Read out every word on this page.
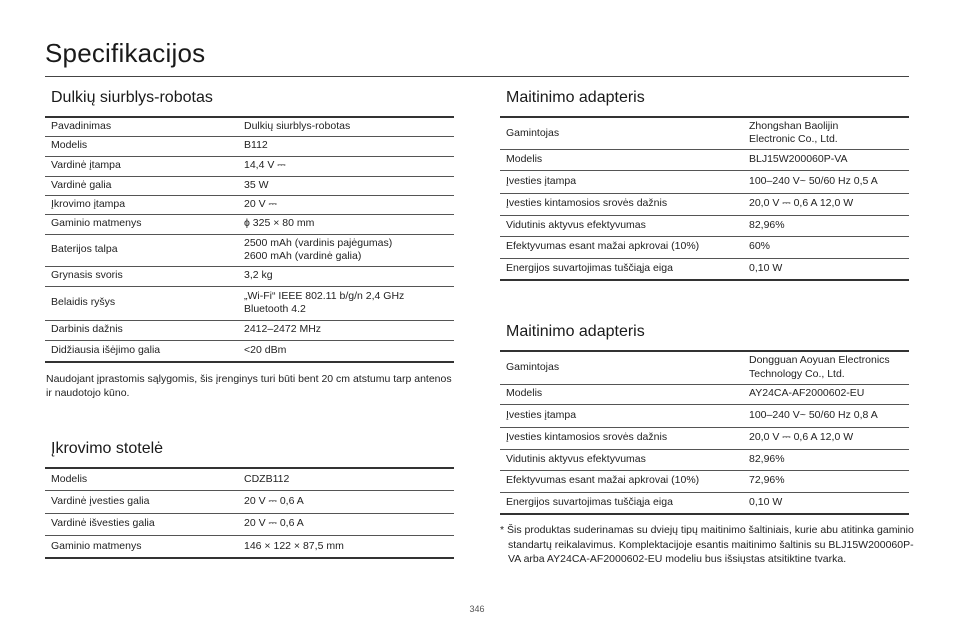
Specifikacijos
Dulkių siurblys-robotas
Pavadinimas	Dulkių siurblys-robotas
Modelis	B112
Vardinė įtampa	14,4 V ⎓
Vardinė galia	35 W
Įkrovimo įtampa	20 V ⎓
Gaminio matmenys	ϕ 325 × 80 mm
Baterijos talpa	2500 mAh (vardinis pajėgumas)
2600 mAh (vardinė galia)
Grynasis svoris	3,2 kg
Belaidis ryšys	„Wi-Fi“ IEEE 802.11 b/g/n 2,4 GHz
Bluetooth 4.2
Darbinis dažnis	2412–2472 MHz
Didžiausia išėjimo galia	<20 dBm

Naudojant įprastomis sąlygomis, šis įrenginys turi būti bent 20 cm atstumu tarp antenos ir naudotojo kūno.

Įkrovimo stotelė
Modelis	CDZB112
Vardinė įvesties galia	20 V ⎓ 0,6 A
Vardinė išvesties galia	20 V ⎓ 0,6 A
Gaminio matmenys	146 × 122 × 87,5 mm
Maitinimo adapteris
Gamintojas	Zhongshan Baolijin
Electronic Co., Ltd.
Modelis	BLJ15W200060P-VA
Įvesties įtampa	100–240 V~ 50/60 Hz 0,5 A
Įvesties kintamosios srovės dažnis	20,0 V ⎓ 0,6 A 12,0 W
Vidutinis aktyvus efektyvumas	82,96%
Efektyvumas esant mažai apkrovai (10%)	60%
Energijos suvartojimas tuščiąja eiga	0,10 W
Maitinimo adapteris
Gamintojas	Dongguan Aoyuan Electronics
Technology Co., Ltd.
Modelis	AY24CA-AF2000602-EU
Įvesties įtampa	100–240 V~ 50/60 Hz 0,8 A
Įvesties kintamosios srovės dažnis	20,0 V ⎓ 0,6 A 12,0 W
Vidutinis aktyvus efektyvumas	82,96%
Efektyvumas esant mažai apkrovai (10%)	72,96%
Energijos suvartojimas tuščiąja eiga	0,10 W

* Šis produktas suderinamas su dviejų tipų maitinimo šaltiniais, kurie abu atitinka gaminio standartų reikalavimus. Komplektacijoje esantis maitinimo šaltinis su BLJ15W200060P-VA arba AY24CA-AF2000602-EU modeliu bus išsiųstas atsitiktine tvarka.

346
